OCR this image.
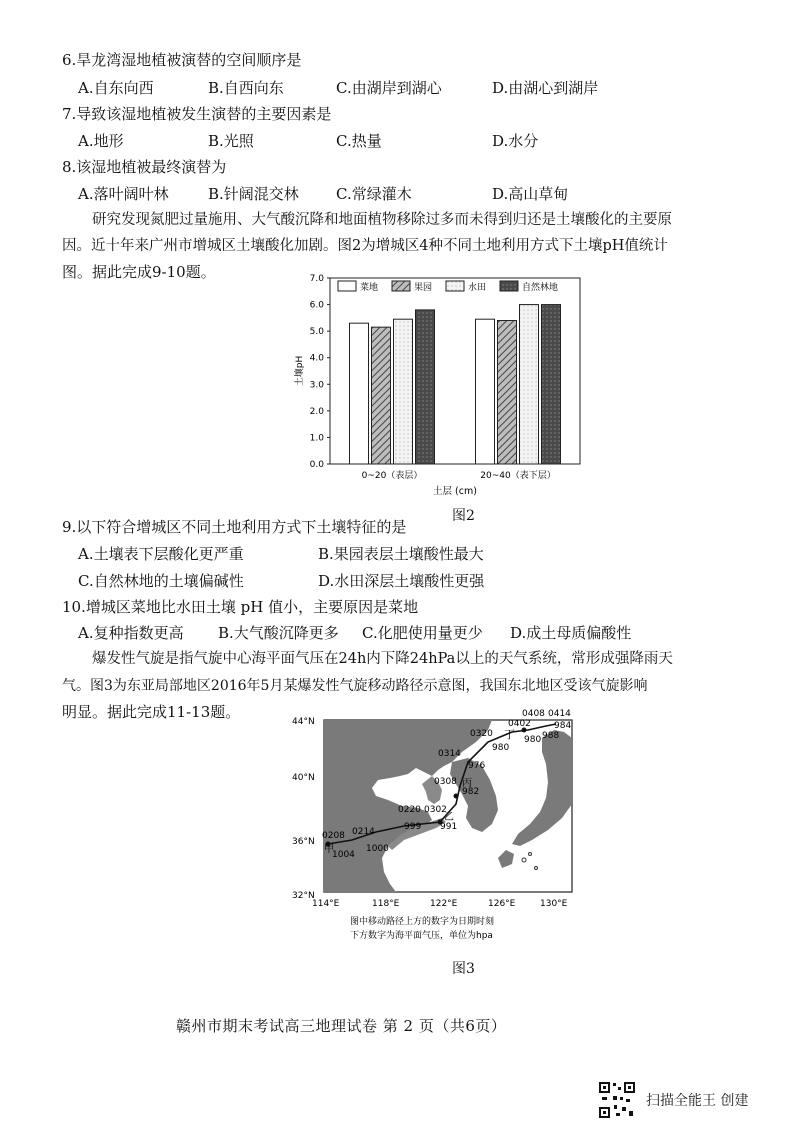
6.旱龙湾湿地植被演替的空间顺序是
A.自东向西	B.自西向东	C.由湖岸到湖心	D.由湖心到湖岸
7.导致该湿地植被发生演替的主要因素是
A.地形	B.光照	C.热量	D.水分
8.该湿地植被最终演替为
A.落叶阔叶林	B.针阔混交林 C.常绿灌木	D.高山草甸
研究发现氮肥过量施用、大气酸沉降和地面植物移除过多而未得到归还是土壤酸化的主要原
因。近十年来广州市增城区土壤酸化加剧。图2为增城区4种不同土地利用方式下土壤pH值统计
图。据此完成9-10题。
0.0
1.0
2.0
3.0
4.0
5.0
6.0
7.0
菜地	果园	水田	自然林地
土壤pH
0~20（表层）	20~40（表下层）
土层 (cm)
图2
9.以下符合增城区不同土地利用方式下土壤特征的是
A.土壤表下层酸化更严重	B.果园表层土壤酸性最大
C.自然林地的土壤偏碱性	D.水田深层土壤酸性更强
10.增城区菜地比水田土壤 pH 值小，主要原因是菜地
A.复种指数更高 B.大气酸沉降更多 C.化肥使用量更少 D.成土母质偏酸性
爆发性气旋是指气旋中心海平面气压在24h内下降24hPa以上的天气系统，常形成强降雨天
气。图3为东亚局部地区2016年5月某爆发性气旋移动路径示意图，我国东北地区受该气旋影响
明显。据此完成11-13题。
0208
1004
0214
1000
0220
999
0302
991
0308
982
0314
976
0320
980
0402
980
0408
988
0414
984
甲
乙
丙
丁
44°N
40°N
36°N
32°N
114°E	118°E	122°E	126°E	130°E
图中移动路径上方的数字为日期时刻
下方数字为海平面气压，单位为hpa
图3
赣州市期末考试高三地理试卷 第 2 页（共6页）
扫描全能王 创建
